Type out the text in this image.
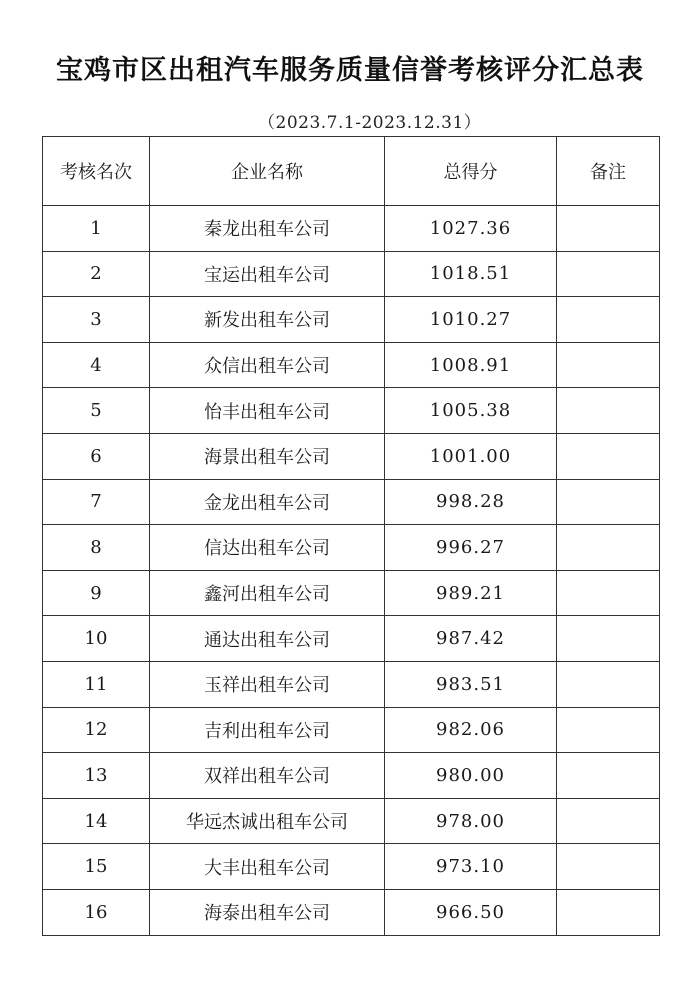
宝鸡市区出租汽车服务质量信誉考核评分汇总表
（2023.7.1-2023.12.31）
考核名次	企业名称	总得分	备注
1	秦龙出租车公司	1027.36	
2	宝运出租车公司	1018.51	
3	新发出租车公司	1010.27	
4	众信出租车公司	1008.91	
5	怡丰出租车公司	1005.38	
6	海景出租车公司	1001.00	
7	金龙出租车公司	998.28	
8	信达出租车公司	996.27	
9	鑫河出租车公司	989.21	
10	通达出租车公司	987.42	
11	玉祥出租车公司	983.51	
12	吉利出租车公司	982.06	
13	双祥出租车公司	980.00	
14	华远杰诚出租车公司	978.00	
15	大丰出租车公司	973.10	
16	海泰出租车公司	966.50	
